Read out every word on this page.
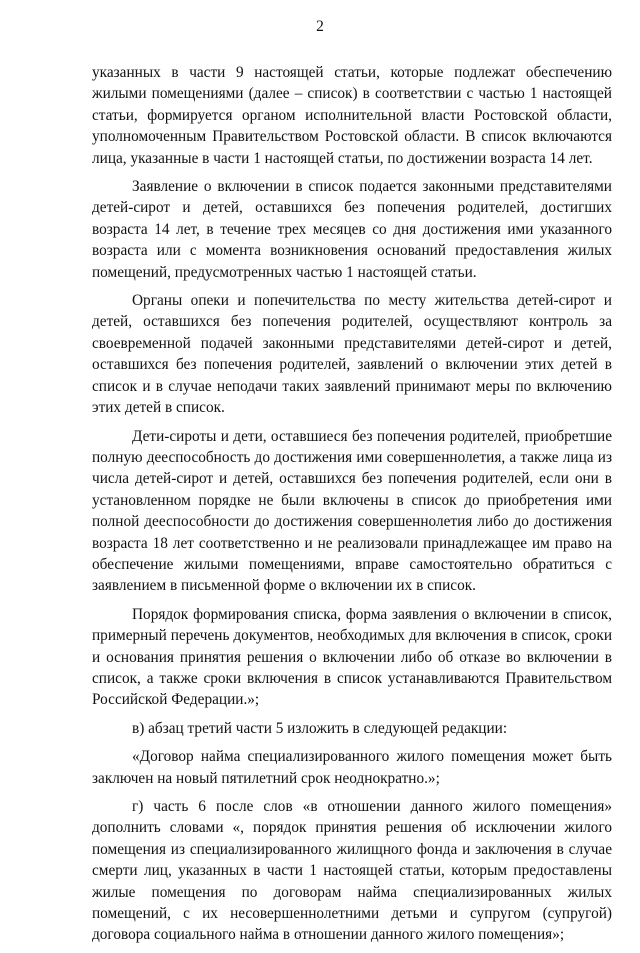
2

указанных в части 9 настоящей статьи, которые подлежат обеспечению жилыми помещениями (далее – список) в соответствии с частью 1 настоящей статьи, формируется органом исполнительной власти Ростовской области, уполномоченным Правительством Ростовской области. В список включаются лица, указанные в части 1 настоящей статьи, по достижении возраста 14 лет.

Заявление о включении в список подается законными представителями детей-сирот и детей, оставшихся без попечения родителей, достигших возраста 14 лет, в течение трех месяцев со дня достижения ими указанного возраста или с момента возникновения оснований предоставления жилых помещений, предусмотренных частью 1 настоящей статьи.

Органы опеки и попечительства по месту жительства детей-сирот и детей, оставшихся без попечения родителей, осуществляют контроль за своевременной подачей законными представителями детей-сирот и детей, оставшихся без попечения родителей, заявлений о включении этих детей в список и в случае неподачи таких заявлений принимают меры по включению этих детей в список.

Дети-сироты и дети, оставшиеся без попечения родителей, приобретшие полную дееспособность до достижения ими совершеннолетия, а также лица из числа детей-сирот и детей, оставшихся без попечения родителей, если они в установленном порядке не были включены в список до приобретения ими полной дееспособности до достижения совершеннолетия либо до достижения возраста 18 лет соответственно и не реализовали принадлежащее им право на обеспечение жилыми помещениями, вправе самостоятельно обратиться с заявлением в письменной форме о включении их в список.

Порядок формирования списка, форма заявления о включении в список, примерный перечень документов, необходимых для включения в список, сроки и основания принятия решения о включении либо об отказе во включении в список, а также сроки включения в список устанавливаются Правительством Российской Федерации.»;

в) абзац третий части 5 изложить в следующей редакции:

«Договор найма специализированного жилого помещения может быть заключен на новый пятилетний срок неоднократно.»;

г) часть 6 после слов «в отношении данного жилого помещения» дополнить словами «, порядок принятия решения об исключении жилого помещения из специализированного жилищного фонда и заключения в случае смерти лиц, указанных в части 1 настоящей статьи, которым предоставлены жилые помещения по договорам найма специализированных жилых помещений, с их несовершеннолетними детьми и супругом (супругой) договора социального найма в отношении данного жилого помещения»;
